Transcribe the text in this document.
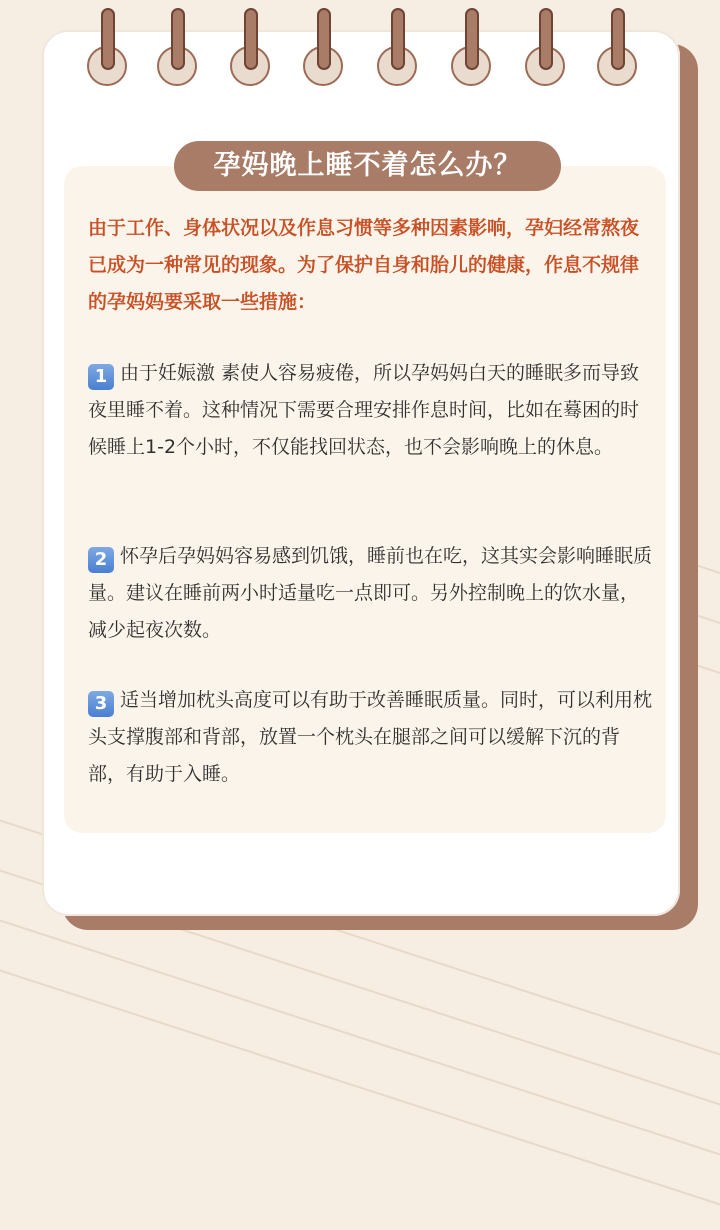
孕妈晚上睡不着怎么办？

由于工作、身体状况以及作息习惯等多种因素影响，孕妇经常熬夜已成为一种常见的现象。为了保护自身和胎儿的健康，作息不规律的孕妈妈要采取一些措施：

1 由于妊娠激 素使人容易疲倦，所以孕妈妈白天的睡眠多而导致夜里睡不着。这种情况下需要合理安排作息时间，比如在蓦困的时候睡上1-2个小时，不仅能找回状态，也不会影响晚上的休息。

2 怀孕后孕妈妈容易感到饥饿，睡前也在吃，这其实会影响睡眠质量。建议在睡前两小时适量吃一点即可。另外控制晚上的饮水量，减少起夜次数。

3 适当增加枕头高度可以有助于改善睡眠质量。同时，可以利用枕头支撑腹部和背部，放置一个枕头在腿部之间可以缓解下沉的背部，有助于入睡。
